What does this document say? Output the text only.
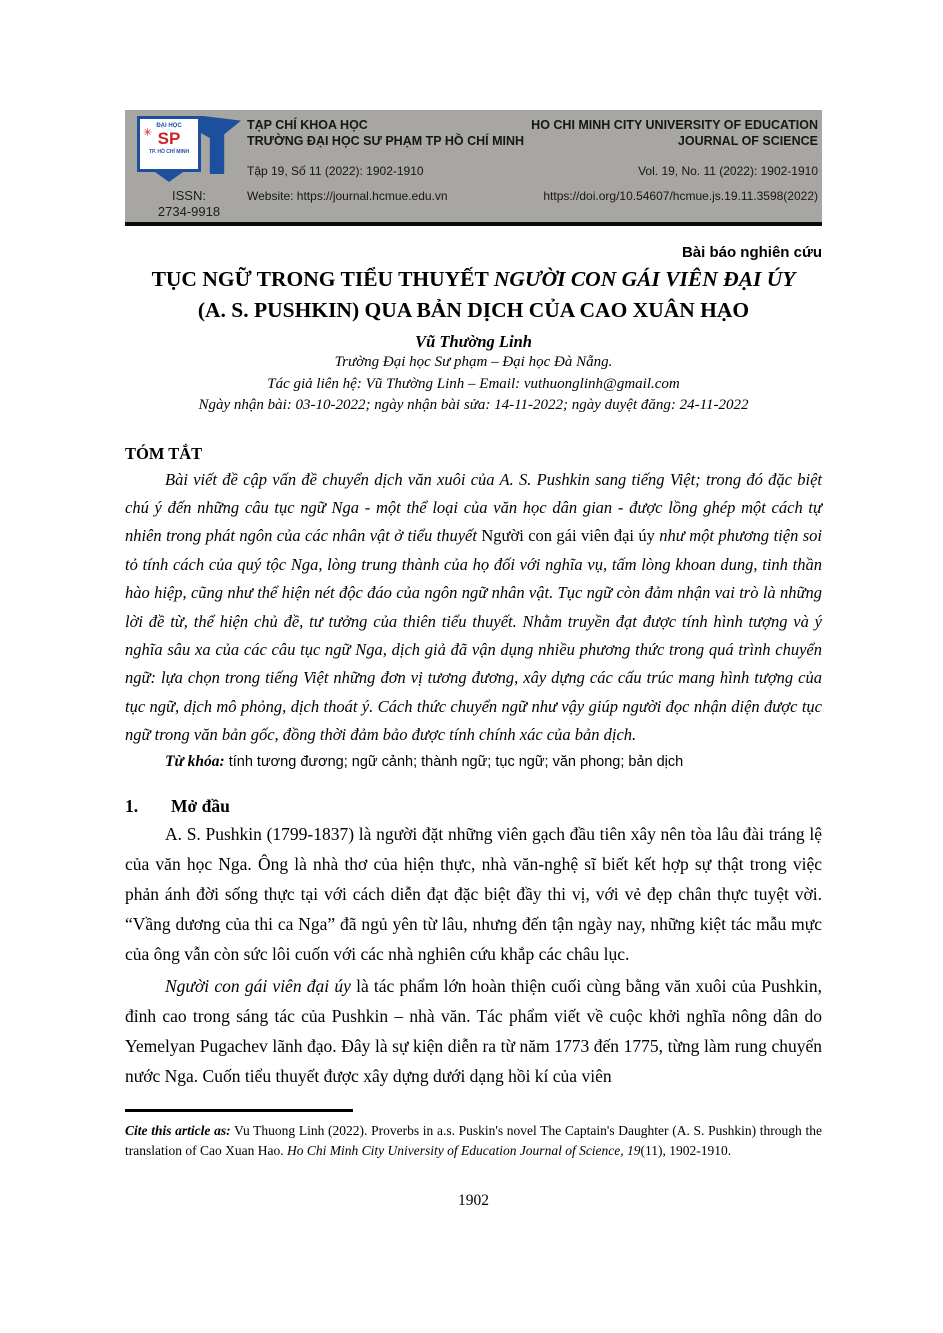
✳
ĐẠI HỌC
SP
TP. HỒ CHÍ MINH
ISSN:
2734-9918
TẠP CHÍ KHOA HỌC
TRƯỜNG ĐẠI HỌC SƯ PHẠM TP HỒ CHÍ MINH
Tập 19, Số 11 (2022): 1902-1910
Website: https://journal.hcmue.edu.vn
HO CHI MINH CITY UNIVERSITY OF EDUCATION
JOURNAL OF SCIENCE
Vol. 19, No. 11 (2022): 1902-1910
https://doi.org/10.54607/hcmue.js.19.11.3598(2022)
Bài báo nghiên cứu
TỤC NGỮ TRONG TIỂU THUYẾT NGƯỜI CON GÁI VIÊN ĐẠI ÚY
(A. S. PUSHKIN) QUA BẢN DỊCH CỦA CAO XUÂN HẠO
Vũ Thường Linh
Trường Đại học Sư phạm – Đại học Đà Nẵng.
Tác giả liên hệ: Vũ Thường Linh – Email: vuthuonglinh@gmail.com
Ngày nhận bài: 03-10-2022; ngày nhận bài sửa: 14-11-2022; ngày duyệt đăng: 24-11-2022
TÓM TẮT

Bài viết đề cập vấn đề chuyển dịch văn xuôi của A. S. Pushkin sang tiếng Việt; trong đó đặc biệt chú ý đến những câu tục ngữ Nga - một thể loại của văn học dân gian - được lồng ghép một cách tự nhiên trong phát ngôn của các nhân vật ở tiểu thuyết Người con gái viên đại úy như một phương tiện soi tỏ tính cách của quý tộc Nga, lòng trung thành của họ đối với nghĩa vụ, tấm lòng khoan dung, tinh thần hào hiệp, cũng như thể hiện nét độc đáo của ngôn ngữ nhân vật. Tục ngữ còn đảm nhận vai trò là những lời đề từ, thể hiện chủ đề, tư tưởng của thiên tiểu thuyết. Nhằm truyền đạt được tính hình tượng và ý nghĩa sâu xa của các câu tục ngữ Nga, dịch giả đã vận dụng nhiều phương thức trong quá trình chuyển ngữ: lựa chọn trong tiếng Việt những đơn vị tương đương, xây dựng các cấu trúc mang hình tượng của tục ngữ, dịch mô phỏng, dịch thoát ý. Cách thức chuyển ngữ như vậy giúp người đọc nhận diện được tục ngữ trong văn bản gốc, đồng thời đảm bảo được tính chính xác của bản dịch.

Từ khóa: tính tương đương; ngữ cảnh; thành ngữ; tục ngữ; văn phong; bản dịch
1. Mở đầu

A. S. Pushkin (1799-1837) là người đặt những viên gạch đầu tiên xây nên tòa lâu đài tráng lệ của văn học Nga. Ông là nhà thơ của hiện thực, nhà văn-nghệ sĩ biết kết hợp sự thật trong việc phản ánh đời sống thực tại với cách diễn đạt đặc biệt đầy thi vị, với vẻ đẹp chân thực tuyệt vời. “Vầng dương của thi ca Nga” đã ngủ yên từ lâu, nhưng đến tận ngày nay, những kiệt tác mẫu mực của ông vẫn còn sức lôi cuốn với các nhà nghiên cứu khắp các châu lục.

Người con gái viên đại úy là tác phẩm lớn hoàn thiện cuối cùng bằng văn xuôi của Pushkin, đỉnh cao trong sáng tác của Pushkin – nhà văn. Tác phẩm viết về cuộc khởi nghĩa nông dân do Yemelyan Pugachev lãnh đạo. Đây là sự kiện diễn ra từ năm 1773 đến 1775, từng làm rung chuyển nước Nga. Cuốn tiểu thuyết được xây dựng dưới dạng hồi kí của viên

Cite this article as: Vu Thuong Linh (2022). Proverbs in a.s. Puskin's novel The Captain's Daughter (A. S. Pushkin) through the translation of Cao Xuan Hao. Ho Chi Minh City University of Education Journal of Science, 19(11), 1902-1910.
1902
